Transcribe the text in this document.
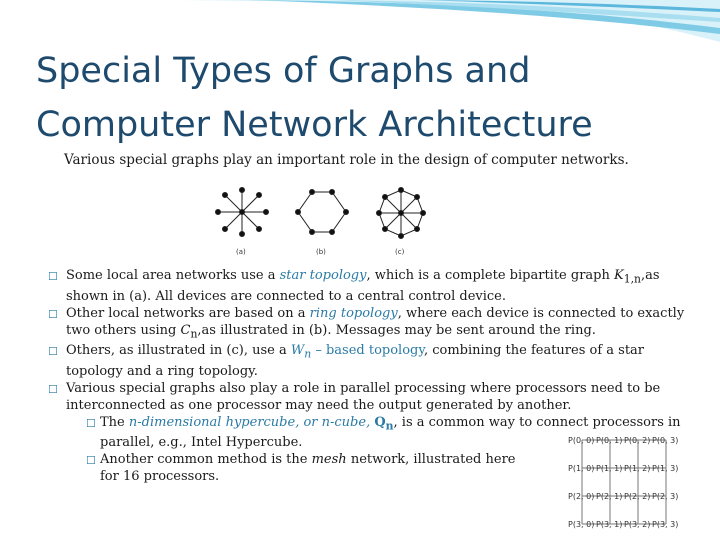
Special Types of Graphs and
Computer Network Architecture

Various special graphs play an important role in the design of computer networks.

(a)	(b)	(c)
☐ Some local area networks use a star topology, which is a complete bipartite graph $K_{1,n},as$ shown in (a). All devices are connected to a central control device.
☐ Other local networks are based on a ring topology, where each device is connected to exactly two others using $C_n,as$ illustrated in (b). Messages may be sent around the ring.
☐ Others, as illustrated in (c), use a $W_n$ – based topology, combining the features of a star topology and a ring topology.
☐ Various special graphs also play a role in parallel processing where processors need to be interconnected as one processor may need the output generated by another.
☐ The n-dimensional hypercube, or n-cube, $Q_n$, is a common way to connect processors in parallel, e.g., Intel Hypercube.
☐ Another common method is the mesh network, illustrated here for 16 processors.
P(0, 0) P(0, 1) P(0, 2) P(0, 3)
P(1, 0) P(1, 1) P(1, 2) P(1, 3)
P(2, 0) P(2, 1) P(2, 2) P(2, 3)
P(3, 0) P(3, 1) P(3, 2) P(3, 3)
